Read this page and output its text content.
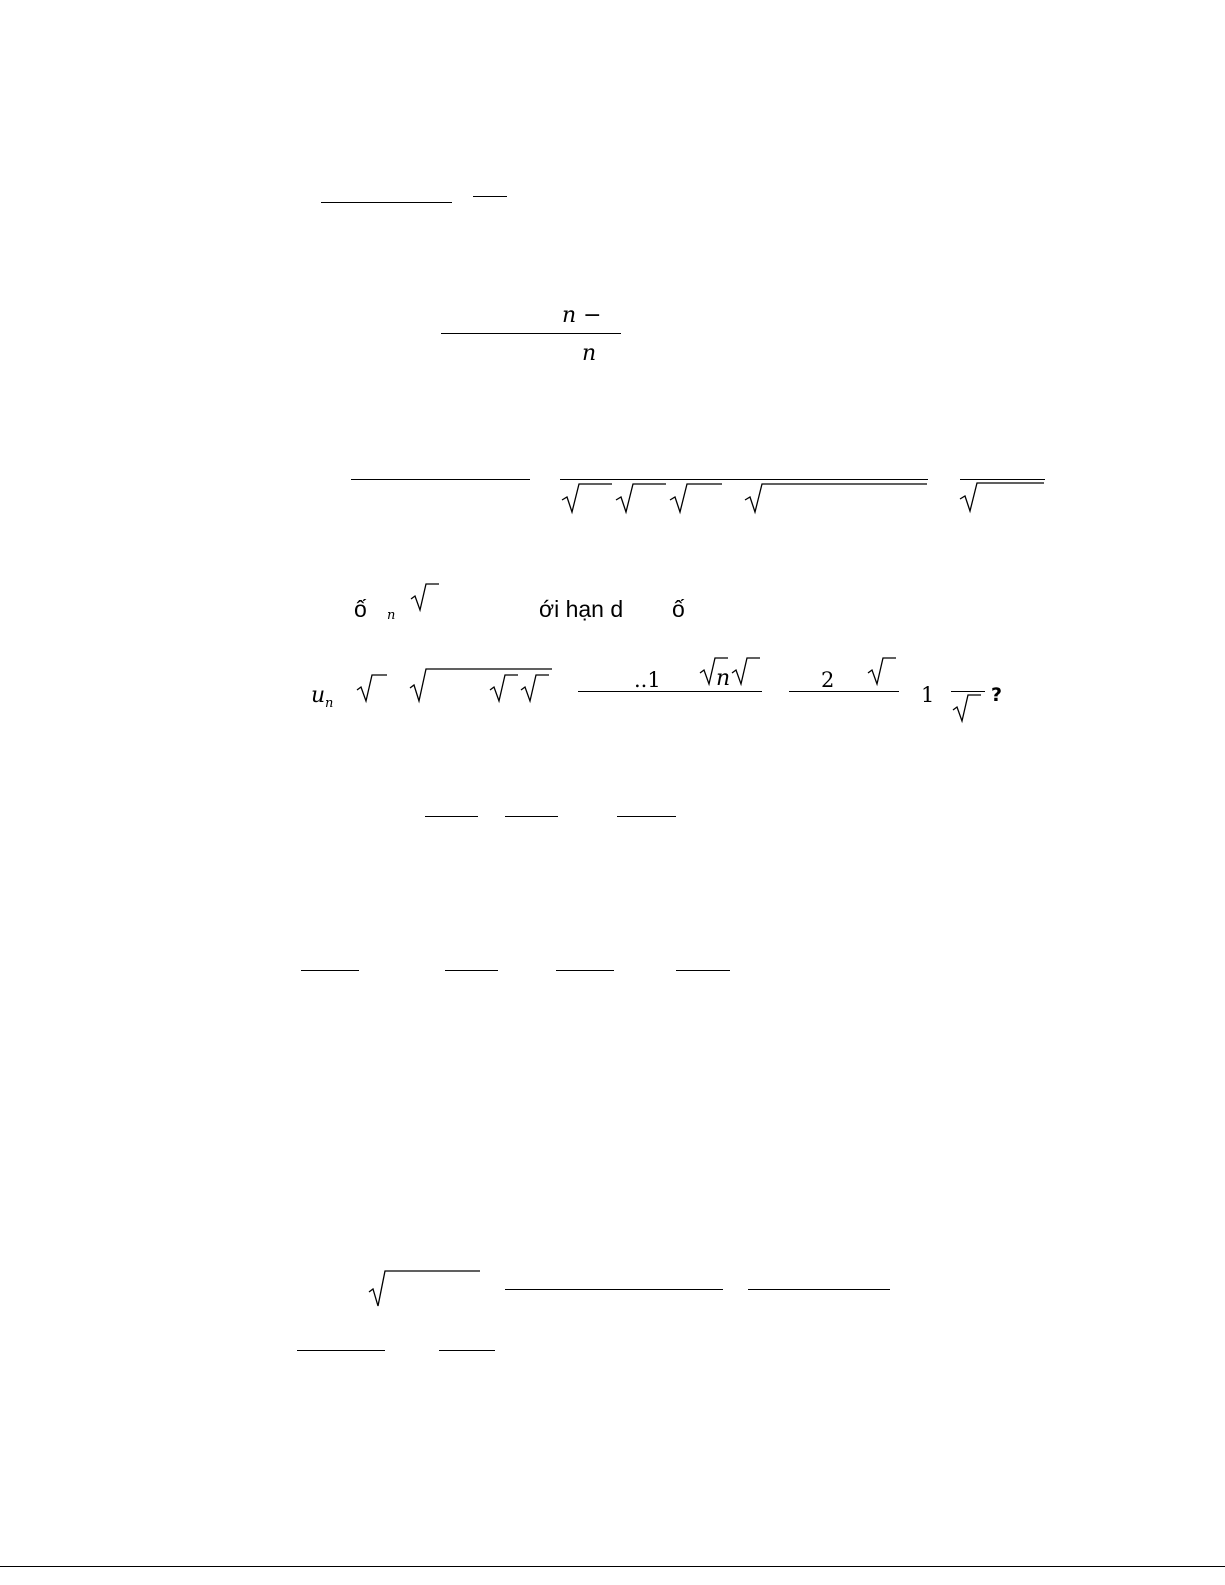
n −
n
ố n	ới hạn d ố
u n
..1	n	2
1	?
